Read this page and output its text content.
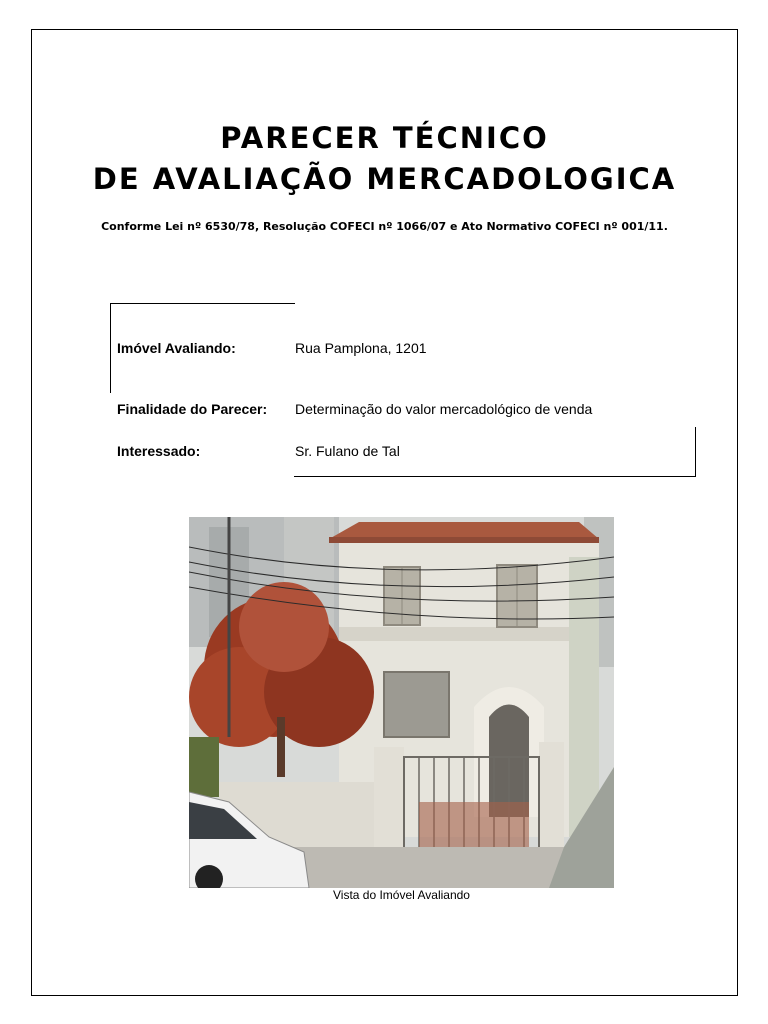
PARECER TÉCNICO
DE AVALIAÇÃO MERCADOLOGICA
Conforme Lei nº 6530/78, Resolução COFECI nº 1066/07 e Ato Normativo COFECI nº 001/11.
Imóvel Avaliando:	Rua Pamplona, 1201
Finalidade do Parecer: Determinação do valor mercadológico de venda
Interessado:	Sr. Fulano de Tal
Vista do Imóvel Avaliando
